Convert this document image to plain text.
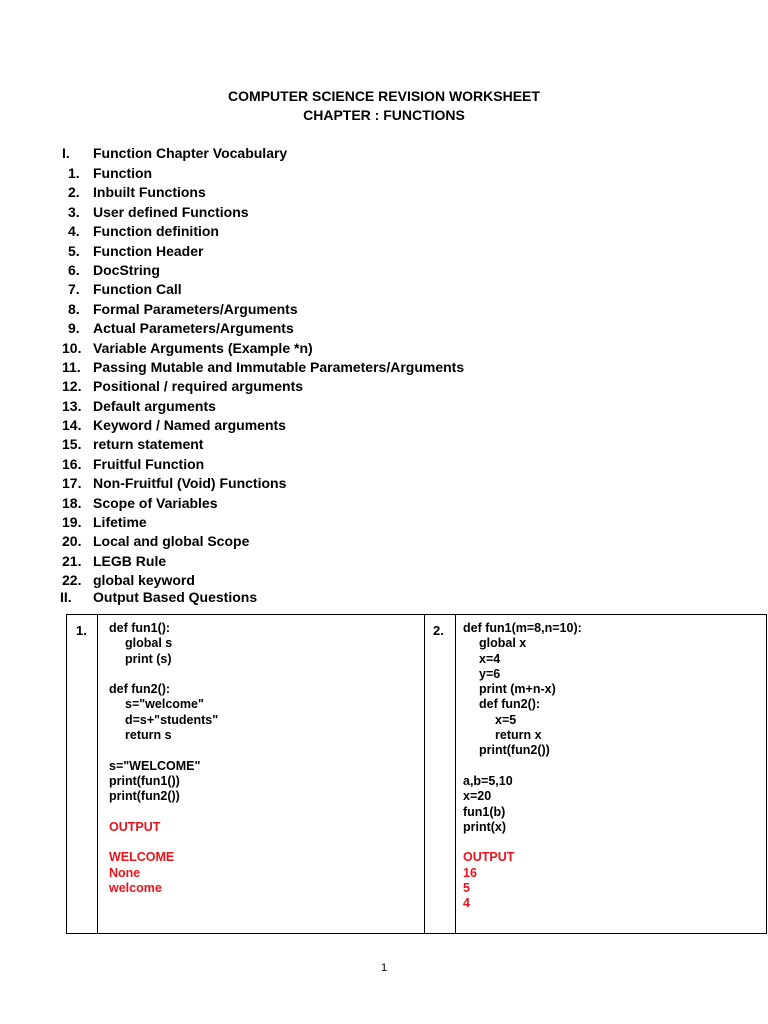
COMPUTER SCIENCE REVISION WORKSHEET
CHAPTER : FUNCTIONS
I. Function Chapter Vocabulary
1. Function
2. Inbuilt Functions
3. User defined Functions
4. Function definition
5. Function Header
6. DocString
7. Function Call
8. Formal Parameters/Arguments
9. Actual Parameters/Arguments
10. Variable Arguments (Example *n)
11. Passing Mutable and Immutable Parameters/Arguments
12. Positional / required arguments
13. Default arguments
14. Keyword / Named arguments
15. return statement
16. Fruitful Function
17. Non-Fruitful (Void) Functions
18. Scope of Variables
19. Lifetime
20. Local and global Scope
21. LEGB Rule
22. global keyword
II. Output Based Questions
1. def fun1():
global s
print (s)
def fun2():
s="welcome"
d=s+"students"
return s
s="WELCOME"
print(fun1())
print(fun2())
OUTPUT
WELCOME
None
welcome
2. def fun1(m=8,n=10):
global x
x=4
y=6
print (m+n-x)
def fun2():
x=5
return x
print(fun2())
a,b=5,10
x=20
fun1(b)
print(x)
OUTPUT
16
5
4
1
